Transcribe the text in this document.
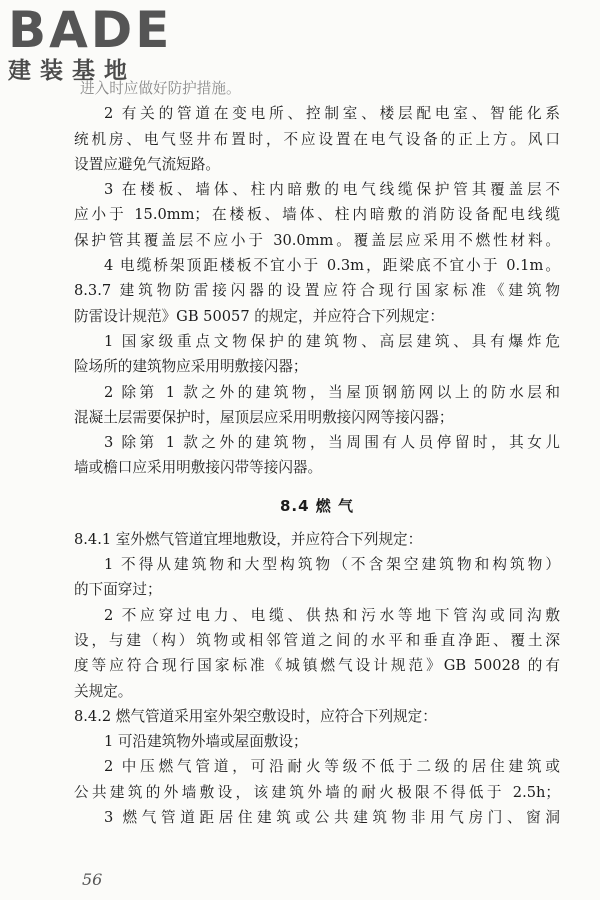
BADE
建装基地
进入时应做好防护措施。
2 有关的管道在变电所、控制室、楼层配电室、智能化系
统机房、电气竖井布置时，不应设置在电气设备的正上方。风口
设置应避免气流短路。
3 在楼板、墙体、柱内暗敷的电气线缆保护管其覆盖层不
应小于 15.0mm；在楼板、墙体、柱内暗敷的消防设备配电线缆
保护管其覆盖层不应小于 30.0mm。覆盖层应采用不燃性材料。
4 电缆桥架顶距楼板不宜小于 0.3m，距梁底不宜小于 0.1m。
8.3.7 建筑物防雷接闪器的设置应符合现行国家标准《建筑物
防雷设计规范》GB 50057 的规定，并应符合下列规定：
1 国家级重点文物保护的建筑物、高层建筑、具有爆炸危
险场所的建筑物应采用明敷接闪器；
2 除第 1 款之外的建筑物，当屋顶钢筋网以上的防水层和
混凝土层需要保护时，屋顶层应采用明敷接闪网等接闪器；
3 除第 1 款之外的建筑物，当周围有人员停留时，其女儿
墙或檐口应采用明敷接闪带等接闪器。
8.4 燃 气
8.4.1 室外燃气管道宜埋地敷设，并应符合下列规定：
1 不得从建筑物和大型构筑物（不含架空建筑物和构筑物）
的下面穿过；
2 不应穿过电力、电缆、供热和污水等地下管沟或同沟敷
设，与建（构）筑物或相邻管道之间的水平和垂直净距、覆土深
度等应符合现行国家标准《城镇燃气设计规范》GB 50028 的有
关规定。
8.4.2 燃气管道采用室外架空敷设时，应符合下列规定：
1 可沿建筑物外墙或屋面敷设；
2 中压燃气管道，可沿耐火等级不低于二级的居住建筑或
公共建筑的外墙敷设，该建筑外墙的耐火极限不得低于 2.5h；
3 燃气管道距居住建筑或公共建筑物非用气房门、窗洞
56
